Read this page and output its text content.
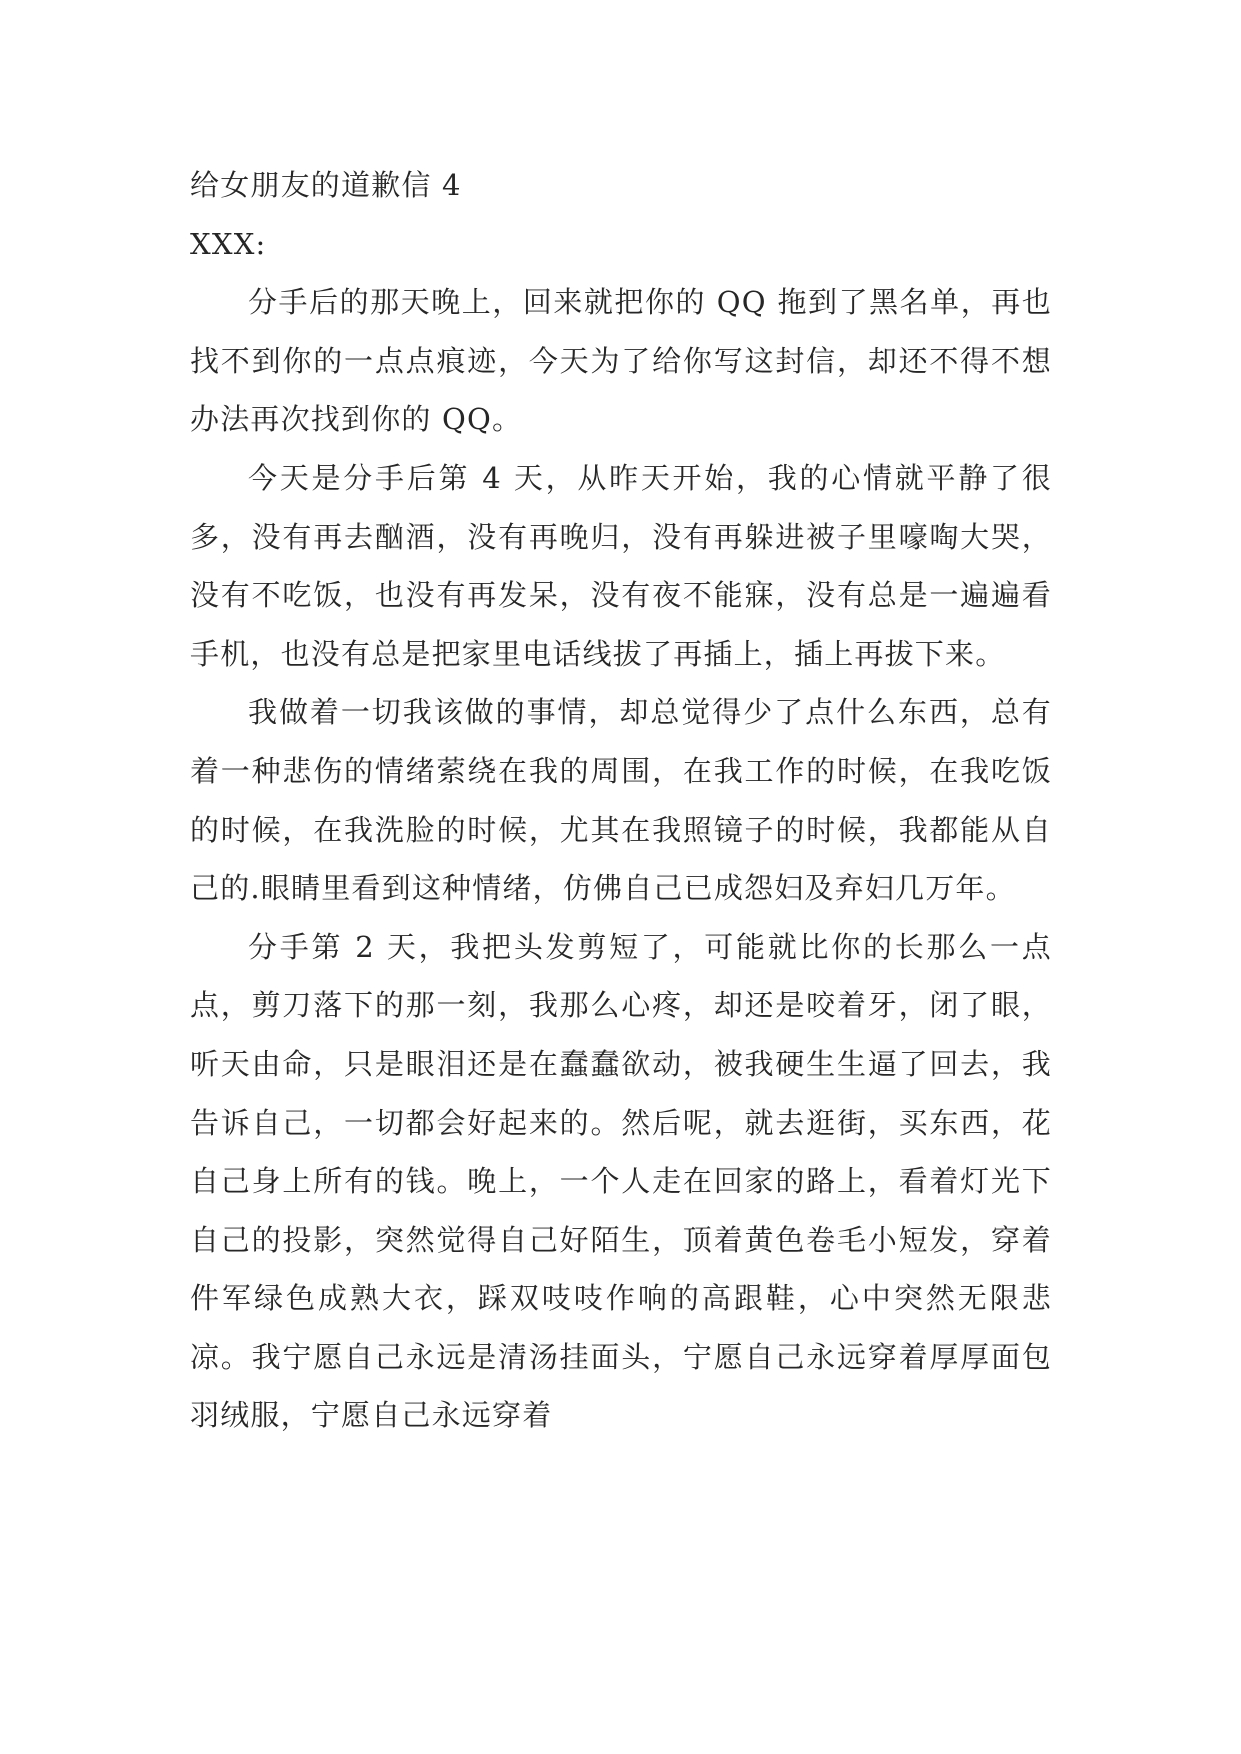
给女朋友的道歉信 4

XXX:

分手后的那天晚上，回来就把你的 QQ 拖到了黑名单，再也找不到你的一点点痕迹，今天为了给你写这封信，却还不得不想办法再次找到你的 QQ。

今天是分手后第 4 天，从昨天开始，我的心情就平静了很多，没有再去酗酒，没有再晚归，没有再躲进被子里嚎啕大哭，没有不吃饭，也没有再发呆，没有夜不能寐，没有总是一遍遍看手机，也没有总是把家里电话线拔了再插上，插上再拔下来。

我做着一切我该做的事情，却总觉得少了点什么东西，总有着一种悲伤的情绪萦绕在我的周围，在我工作的时候，在我吃饭的时候，在我洗脸的时候，尤其在我照镜子的时候，我都能从自己的.眼睛里看到这种情绪，仿佛自己已成怨妇及弃妇几万年。

分手第 2 天，我把头发剪短了，可能就比你的长那么一点点，剪刀落下的那一刻，我那么心疼，却还是咬着牙，闭了眼，听天由命，只是眼泪还是在蠢蠢欲动，被我硬生生逼了回去，我告诉自己，一切都会好起来的。然后呢，就去逛街，买东西，花自己身上所有的钱。晚上，一个人走在回家的路上，看着灯光下自己的投影，突然觉得自己好陌生，顶着黄色卷毛小短发，穿着件军绿色成熟大衣，踩双吱吱作响的高跟鞋，心中突然无限悲凉。我宁愿自己永远是清汤挂面头，宁愿自己永远穿着厚厚面包羽绒服，宁愿自己永远穿着
